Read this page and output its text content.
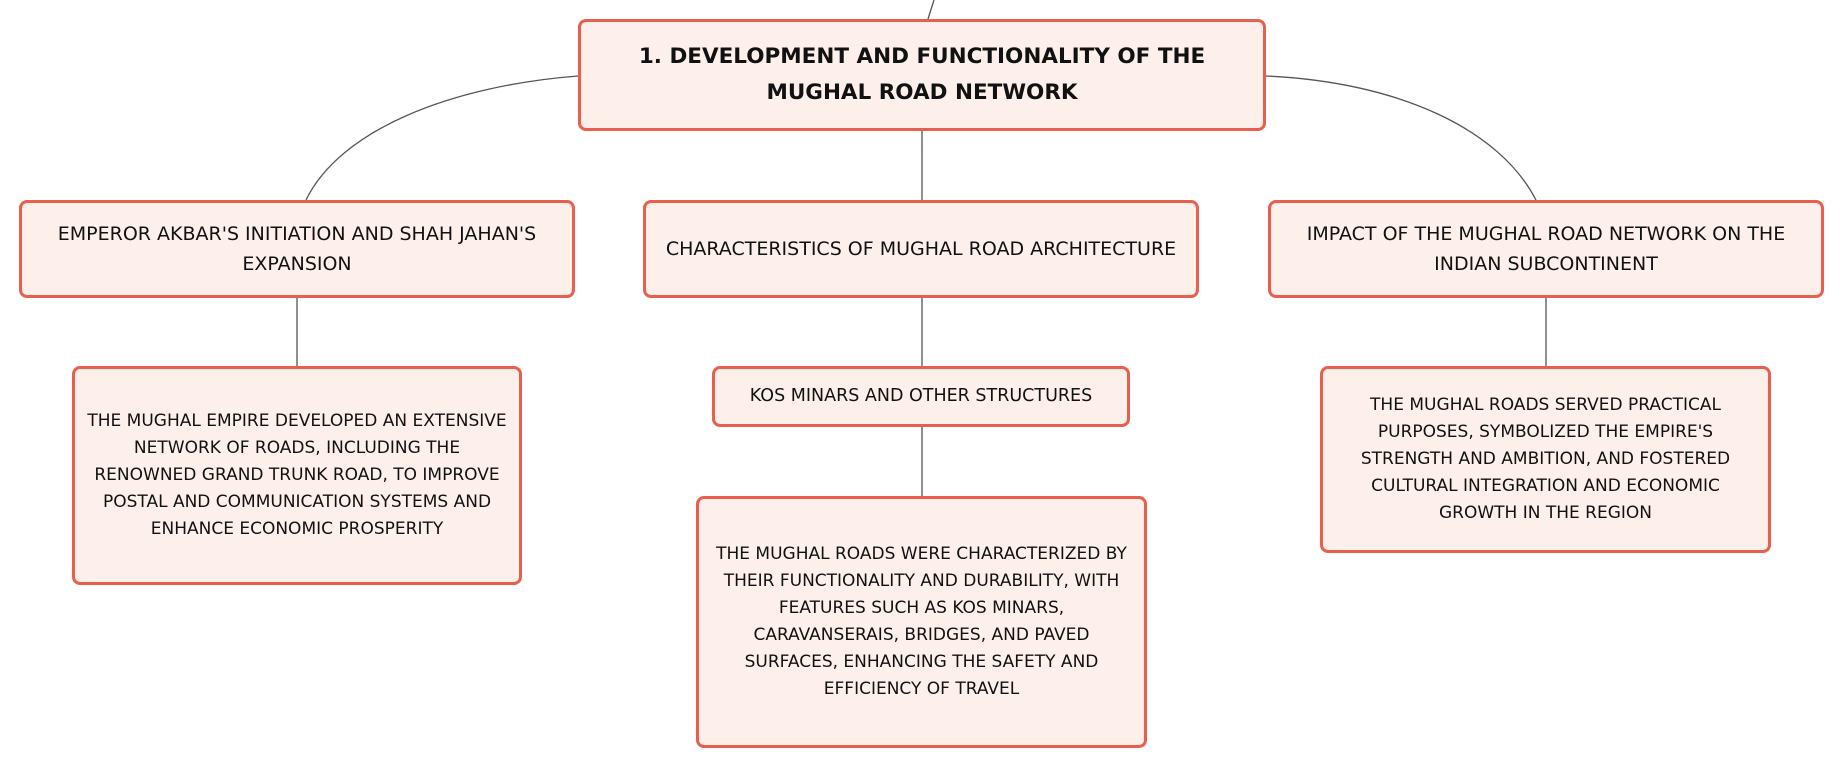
1. DEVELOPMENT AND FUNCTIONALITY OF THE MUGHAL ROAD NETWORK
EMPEROR AKBAR'S INITIATION AND SHAH JAHAN'S EXPANSION
CHARACTERISTICS OF MUGHAL ROAD ARCHITECTURE
IMPACT OF THE MUGHAL ROAD NETWORK ON THE INDIAN SUBCONTINENT
THE MUGHAL EMPIRE DEVELOPED AN EXTENSIVE NETWORK OF ROADS, INCLUDING THE RENOWNED GRAND TRUNK ROAD, TO IMPROVE POSTAL AND COMMUNICATION SYSTEMS AND ENHANCE ECONOMIC PROSPERITY
KOS MINARS AND OTHER STRUCTURES
THE MUGHAL ROADS WERE CHARACTERIZED BY THEIR FUNCTIONALITY AND DURABILITY, WITH FEATURES SUCH AS KOS MINARS, CARAVANSERAIS, BRIDGES, AND PAVED SURFACES, ENHANCING THE SAFETY AND EFFICIENCY OF TRAVEL
THE MUGHAL ROADS SERVED PRACTICAL PURPOSES, SYMBOLIZED THE EMPIRE'S STRENGTH AND AMBITION, AND FOSTERED CULTURAL INTEGRATION AND ECONOMIC GROWTH IN THE REGION
